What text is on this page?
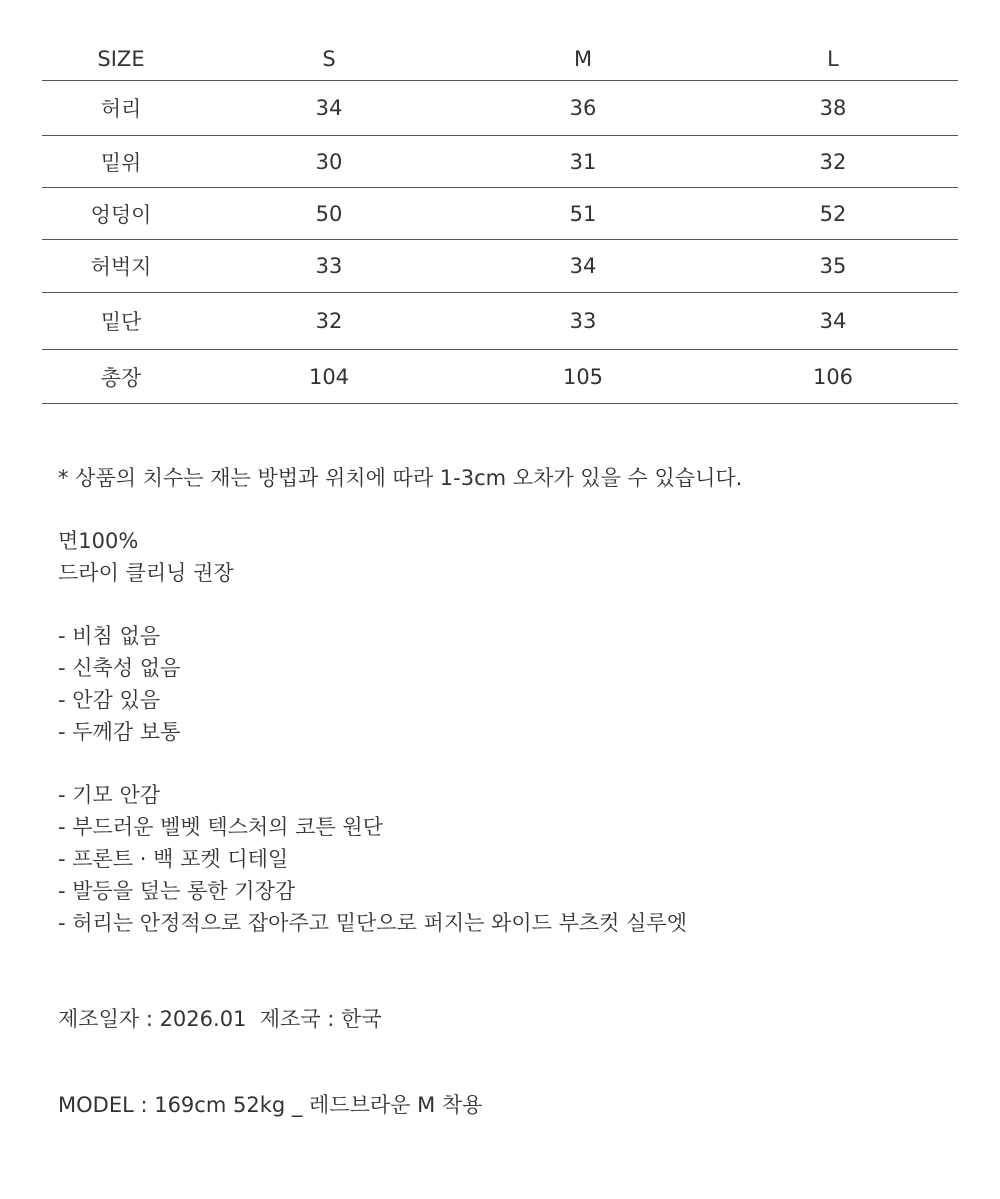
SIZE	S	M	L
허리	34	36	38
밑위	30	31	32
엉덩이	50	51	52
허벅지	33	34	35
밑단	32	33	34
총장	104	105	106
* 상품의 치수는 재는 방법과 위치에 따라 1-3cm 오차가 있을 수 있습니다.
면100%
드라이 클리닝 권장
- 비침 없음
- 신축성 없음
- 안감 있음
- 두께감 보통
- 기모 안감
- 부드러운 벨벳 텍스처의 코튼 원단
- 프론트 · 백 포켓 디테일
- 발등을 덮는 롱한 기장감
- 허리는 안정적으로 잡아주고 밑단으로 퍼지는 와이드 부츠컷 실루엣
제조일자 : 2026.01  제조국 : 한국
MODEL : 169cm 52kg _ 레드브라운 M 착용
